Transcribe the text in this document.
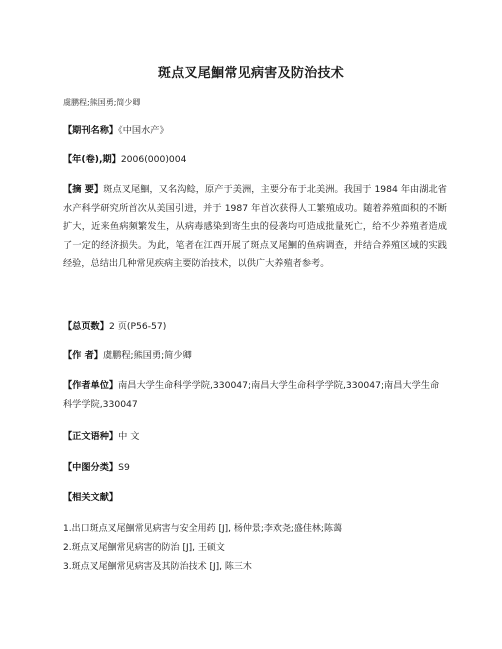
斑点叉尾鮰常见病害及防治技术
虞鹏程;熊国勇;简少卿
【期刊名称】《中国水产》
【年(卷),期】2006(000)004
【摘 要】斑点叉尾鮰，又名沟鲶，原产于美洲，主要分布于北美洲。我国于 1984 年由湖北省水产科学研究所首次从美国引进，并于 1987 年首次获得人工繁殖成功。随着养殖面积的不断扩大，近来鱼病频繁发生，从病毒感染到寄生虫的侵袭均可造成批量死亡，给不少养殖者造成了一定的经济损失。为此，笔者在江西开展了斑点叉尾鮰的鱼病调查，并结合养殖区域的实践经验，总结出几种常见疾病主要防治技术，以供广大养殖者参考。
【总页数】2 页(P56-57)
【作 者】虞鹏程;熊国勇;简少卿
【作者单位】南昌大学生命科学学院,330047;南昌大学生命科学学院,330047;南昌大学生命科学学院,330047
【正文语种】中 文
【中图分类】S9
【相关文献】
1.出口斑点叉尾鮰常见病害与安全用药 [J], 杨仲景;李欢尧;盛佳林;陈蔼
2.斑点叉尾鮰常见病害的防治 [J], 王硕文
3.斑点叉尾鮰常见病害及其防治技术 [J], 陈三木
